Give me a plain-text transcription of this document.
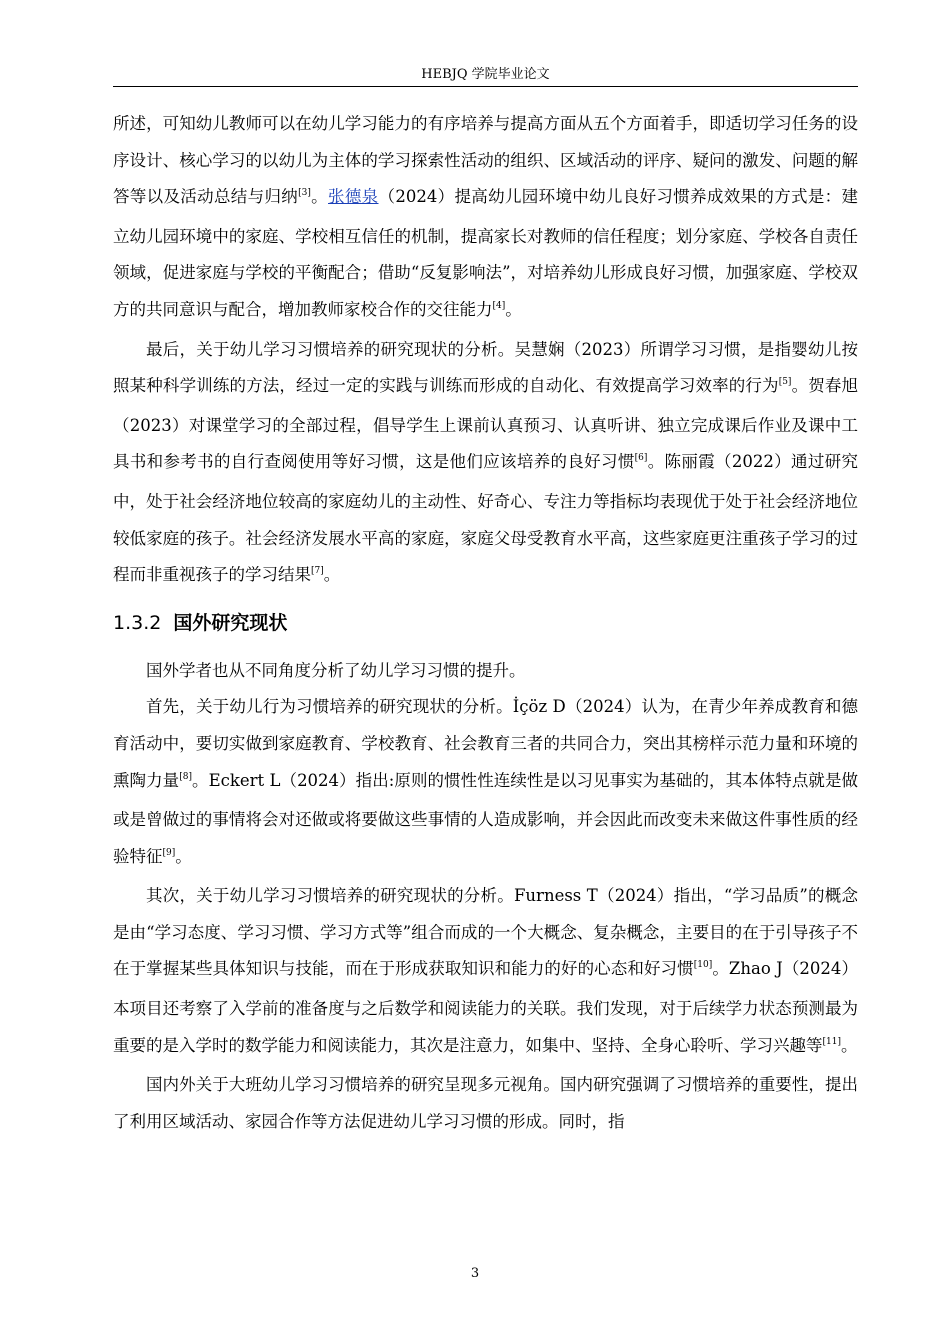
HEBJQ 学院毕业论文

所述，可知幼儿教师可以在幼儿学习能力的有序培养与提高方面从五个方面着手，即适切学习任务的设序设计、核心学习的以幼儿为主体的学习探索性活动的组织、区域活动的评序、疑问的激发、问题的解答等以及活动总结与归纳[3]。张德泉（2024）提高幼儿园环境中幼儿良好习惯养成效果的方式是：建立幼儿园环境中的家庭、学校相互信任的机制，提高家长对教师的信任程度；划分家庭、学校各自责任领域，促进家庭与学校的平衡配合；借助“反复影响法”，对培养幼儿形成良好习惯，加强家庭、学校双方的共同意识与配合，增加教师家校合作的交往能力[4]。

最后，关于幼儿学习习惯培养的研究现状的分析。吴慧娴（2023）所谓学习习惯，是指婴幼儿按照某种科学训练的方法，经过一定的实践与训练而形成的自动化、有效提高学习效率的行为[5]。贺春旭（2023）对课堂学习的全部过程，倡导学生上课前认真预习、认真听讲、独立完成课后作业及课中工具书和参考书的自行查阅使用等好习惯，这是他们应该培养的良好习惯[6]。陈丽霞（2022）通过研究中，处于社会经济地位较高的家庭幼儿的主动性、好奇心、专注力等指标均表现优于处于社会经济地位较低家庭的孩子。社会经济发展水平高的家庭，家庭父母受教育水平高，这些家庭更注重孩子学习的过程而非重视孩子的学习结果[7]。

1.3.2 国外研究现状

国外学者也从不同角度分析了幼儿学习习惯的提升。

首先，关于幼儿行为习惯培养的研究现状的分析。İçöz D（2024）认为，在青少年养成教育和德育活动中，要切实做到家庭教育、学校教育、社会教育三者的共同合力，突出其榜样示范力量和环境的熏陶力量[8]。Eckert L（2024）指出:原则的惯性性连续性是以习见事实为基础的，其本体特点就是做或是曾做过的事情将会对还做或将要做这些事情的人造成影响，并会因此而改变未来做这件事性质的经验特征[9]。

其次，关于幼儿学习习惯培养的研究现状的分析。Furness T（2024）指出，“学习品质”的概念是由“学习态度、学习习惯、学习方式等”组合而成的一个大概念、复杂概念，主要目的在于引导孩子不在于掌握某些具体知识与技能，而在于形成获取知识和能力的好的心态和好习惯[10]。Zhao J（2024）本项目还考察了入学前的准备度与之后数学和阅读能力的关联。我们发现，对于后续学力状态预测最为重要的是入学时的数学能力和阅读能力，其次是注意力，如集中、坚持、全身心聆听、学习兴趣等[11]。

国内外关于大班幼儿学习习惯培养的研究呈现多元视角。国内研究强调了习惯培养的重要性，提出了利用区域活动、家园合作等方法促进幼儿学习习惯的形成。同时，指

3
